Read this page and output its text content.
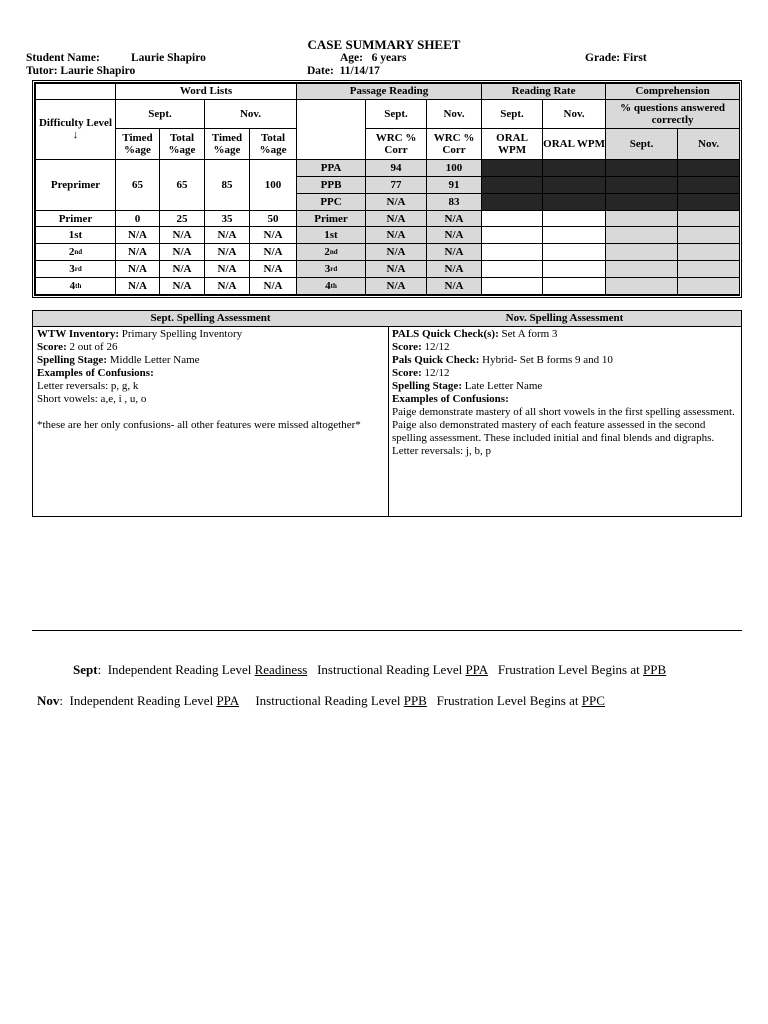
CASE SUMMARY SHEET
Student Name:	Laurie Shapiro
Tutor: Laurie Shapiro
Age: 6 years
Date: 11/14/17
Grade: First
	Word Lists				Passage Reading			Reading Rate		Comprehension	
Difficulty Level
↓	Sept.		Nov.			Sept.	Nov.	Sept.	Nov.	% questions answered correctly	
	Timed %age	Total %age	Timed %age	Total %age		WRC % Corr	WRC % Corr	ORAL WPM	ORAL WPM	Sept.	Nov.
Preprimer	65	65	85	100	PPA	94	100				
					PPB	77	91				
					PPC	N/A	83				
Primer	0	25	35	50	Primer	N/A	N/A				
1st	N/A	N/A	N/A	N/A	1st	N/A	N/A				
2nd	N/A	N/A	N/A	N/A	2nd	N/A	N/A				
3rd	N/A	N/A	N/A	N/A	3rd	N/A	N/A				
4th	N/A	N/A	N/A	N/A	4th	N/A	N/A				
Sept. Spelling Assessment
WTW Inventory: Primary Spelling Inventory
Score: 2 out of 26
Spelling Stage: Middle Letter Name
Examples of Confusions:
Letter reversals: p, g, k
Short vowels: a,e, i , u, o
*these are her only confusions- all other features were missed altogether*
Nov. Spelling Assessment
PALS Quick Check(s): Set A form 3
Score: 12/12
Pals Quick Check: Hybrid- Set B forms 9 and 10
Score: 12/12
Spelling Stage: Late Letter Name
Examples of Confusions:
Paige demonstrate mastery of all short vowels in the first spelling assessment.
Paige also demonstrated mastery of each feature assessed in the second spelling assessment. These included initial and final blends and digraphs.
Letter reversals: j, b, p
Sept:  Independent Reading Level Readiness Instructional Reading Level PPA Frustration Level Begins at PPB
Nov:  Independent Reading Level PPA Instructional Reading Level PPB Frustration Level Begins at PPC
